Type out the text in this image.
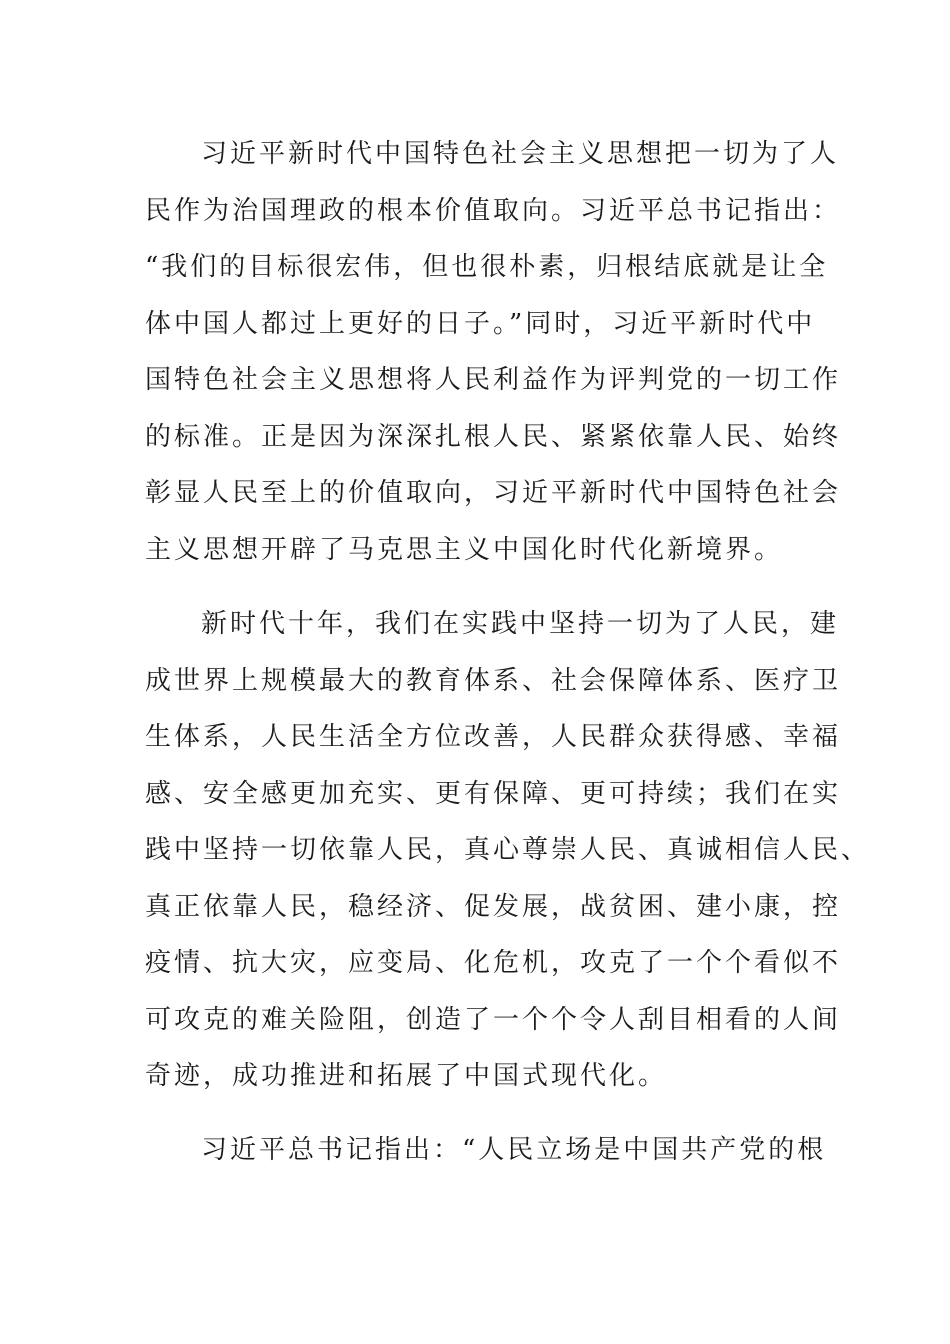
习近平新时代中国特色社会主义思想把一切为了人
民作为治国理政的根本价值取向。习近平总书记指出：
“我们的目标很宏伟，但也很朴素，归根结底就是让全
体中国人都过上更好的日子。”同时，习近平新时代中
国特色社会主义思想将人民利益作为评判党的一切工作
的标准。正是因为深深扎根人民、紧紧依靠人民、始终
彰显人民至上的价值取向，习近平新时代中国特色社会
主义思想开辟了马克思主义中国化时代化新境界。
新时代十年，我们在实践中坚持一切为了人民，建
成世界上规模最大的教育体系、社会保障体系、医疗卫
生体系，人民生活全方位改善，人民群众获得感、幸福
感、安全感更加充实、更有保障、更可持续；我们在实
践中坚持一切依靠人民，真心尊崇人民、真诚相信人民、
真正依靠人民，稳经济、促发展，战贫困、建小康，控
疫情、抗大灾，应变局、化危机，攻克了一个个看似不
可攻克的难关险阻，创造了一个个令人刮目相看的人间
奇迹，成功推进和拓展了中国式现代化。
习近平总书记指出：“人民立场是中国共产党的根
